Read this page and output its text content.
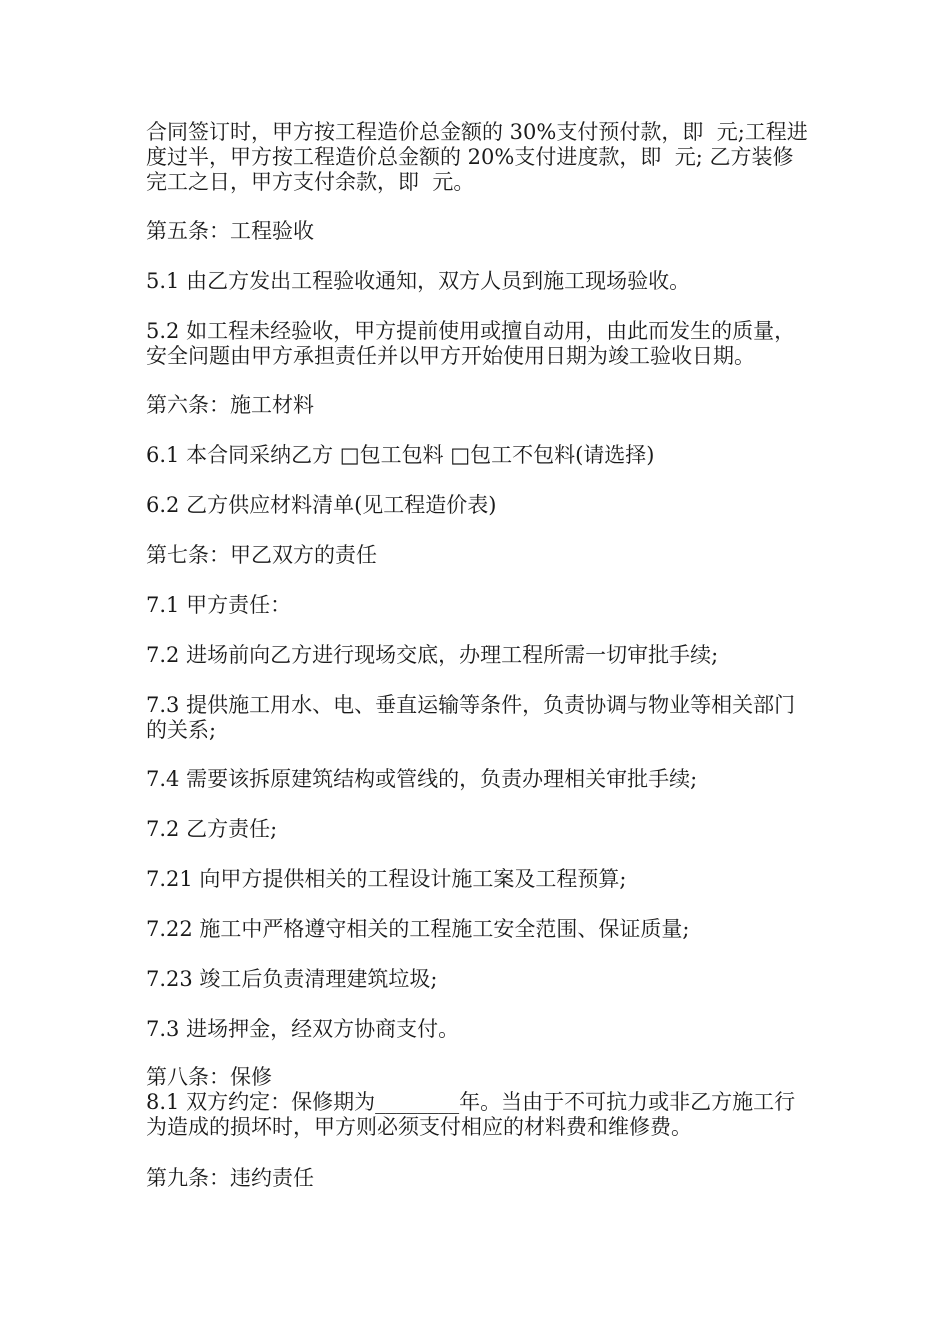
合同签订时，甲方按工程造价总金额的 30%支付预付款，即  元;工程进度过半，甲方按工程造价总金额的 20%支付进度款，即  元; 乙方装修完工之日，甲方支付余款，即  元。

第五条：工程验收

5.1 由乙方发出工程验收通知，双方人员到施工现场验收。

5.2 如工程未经验收，甲方提前使用或擅自动用，由此而发生的质量，安全问题由甲方承担责任并以甲方开始使用日期为竣工验收日期。

第六条：施工材料

6.1 本合同采纳乙方 □包工包料 □包工不包料(请选择)

6.2 乙方供应材料清单(见工程造价表)

第七条：甲乙双方的责任

7.1 甲方责任：

7.2 进场前向乙方进行现场交底，办理工程所需一切审批手续;

7.3 提供施工用水、电、垂直运输等条件，负责协调与物业等相关部门的关系;

7.4 需要该拆原建筑结构或管线的，负责办理相关审批手续;

7.2 乙方责任;

7.21 向甲方提供相关的工程设计施工案及工程预算;

7.22 施工中严格遵守相关的工程施工安全范围、保证质量;

7.23 竣工后负责清理建筑垃圾;

7.3 进场押金，经双方协商支付。

第八条：保修

8.1 双方约定：保修期为________年。当由于不可抗力或非乙方施工行为造成的损坏时，甲方则必须支付相应的材料费和维修费。

第九条：违约责任
